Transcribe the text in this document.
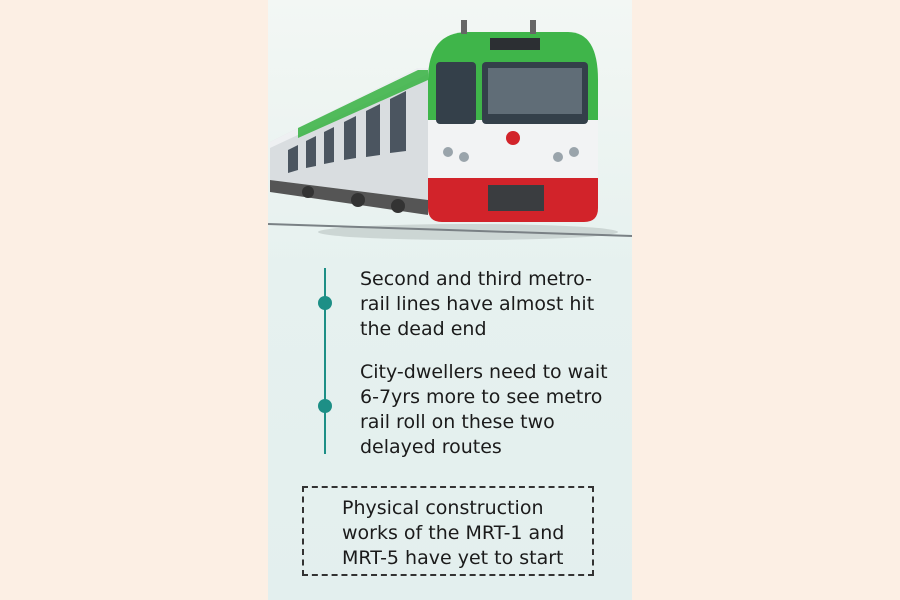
Second and third metro-rail lines have almost hit the dead end
City-dwellers need to wait 6-7yrs more to see metro rail roll on these two delayed routes
Physical construction works of the MRT-1 and MRT-5 have yet to start
